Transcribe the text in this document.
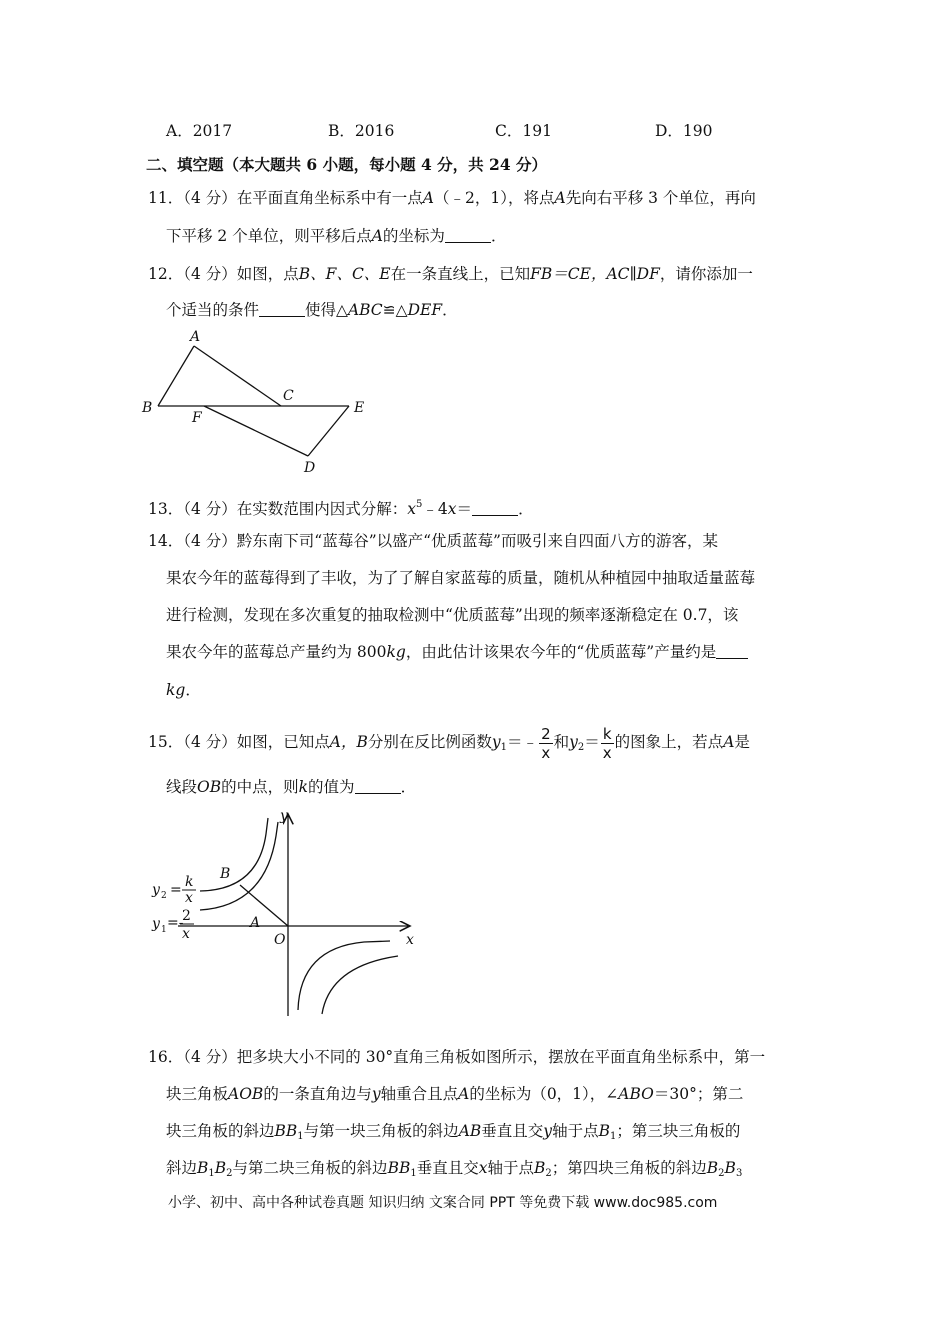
A．2017	B．2016	C．191	D．190
二、填空题（本大题共 6 小题，每小题 4 分，共 24 分）
11．（4 分）在平面直角坐标系中有一点A（﹣2，1），将点A先向右平移 3 个单位，再向
下平移 2 个单位，则平移后点A的坐标为	．
12．（4 分）如图，点B、F、C、E在一条直线上，已知FB＝CE，AC∥DF，请你添加一
个适当的条件	使得△ABC≌△DEF．
A
B
C
D
E
F
13．（4 分）在实数范围内因式分解：$x^5﹣4x=$	．
14．（4 分）黔东南下司“蓝莓谷”以盛产“优质蓝莓”而吸引来自四面八方的游客，某
果农今年的蓝莓得到了丰收，为了了解自家蓝莓的质量，随机从种植园中抽取适量蓝莓
进行检测，发现在多次重复的抽取检测中“优质蓝莓”出现的频率逐渐稳定在 0.7，该
果农今年的蓝莓总产量约为 800kg，由此估计该果农今年的“优质蓝莓”产量约是
kg．
15．（4 分）如图，已知点A，B分别在反比例函数$y_1=﹣ \frac{2}{x}$ 和$y_2= \frac{k}{x}$ 的图象上，若点A是
线段OB的中点，则k的值为	．
y
x
O
A
B
y 2 = k
x
y 1 =-
2
x
16．（4 分）把多块大小不同的 30°直角三角板如图所示，摆放在平面直角坐标系中，第一
块三角板AOB的一条直角边与y轴重合且点A的坐标为（0，1），∠ABO＝30°；第二
块三角板的斜边$BB_1$与第一块三角板的斜边AB垂直且交y轴于点$B_1$；第三块三角板的
斜边$B_1B_2$与第二块三角板的斜边$BB_1$垂直且交x轴于点$B_2$；第四块三角板的斜边$B_2B_3$
小学、初中、高中各种试卷真题 知识归纳 文案合同 PPT 等免费下载 www.doc985.com
